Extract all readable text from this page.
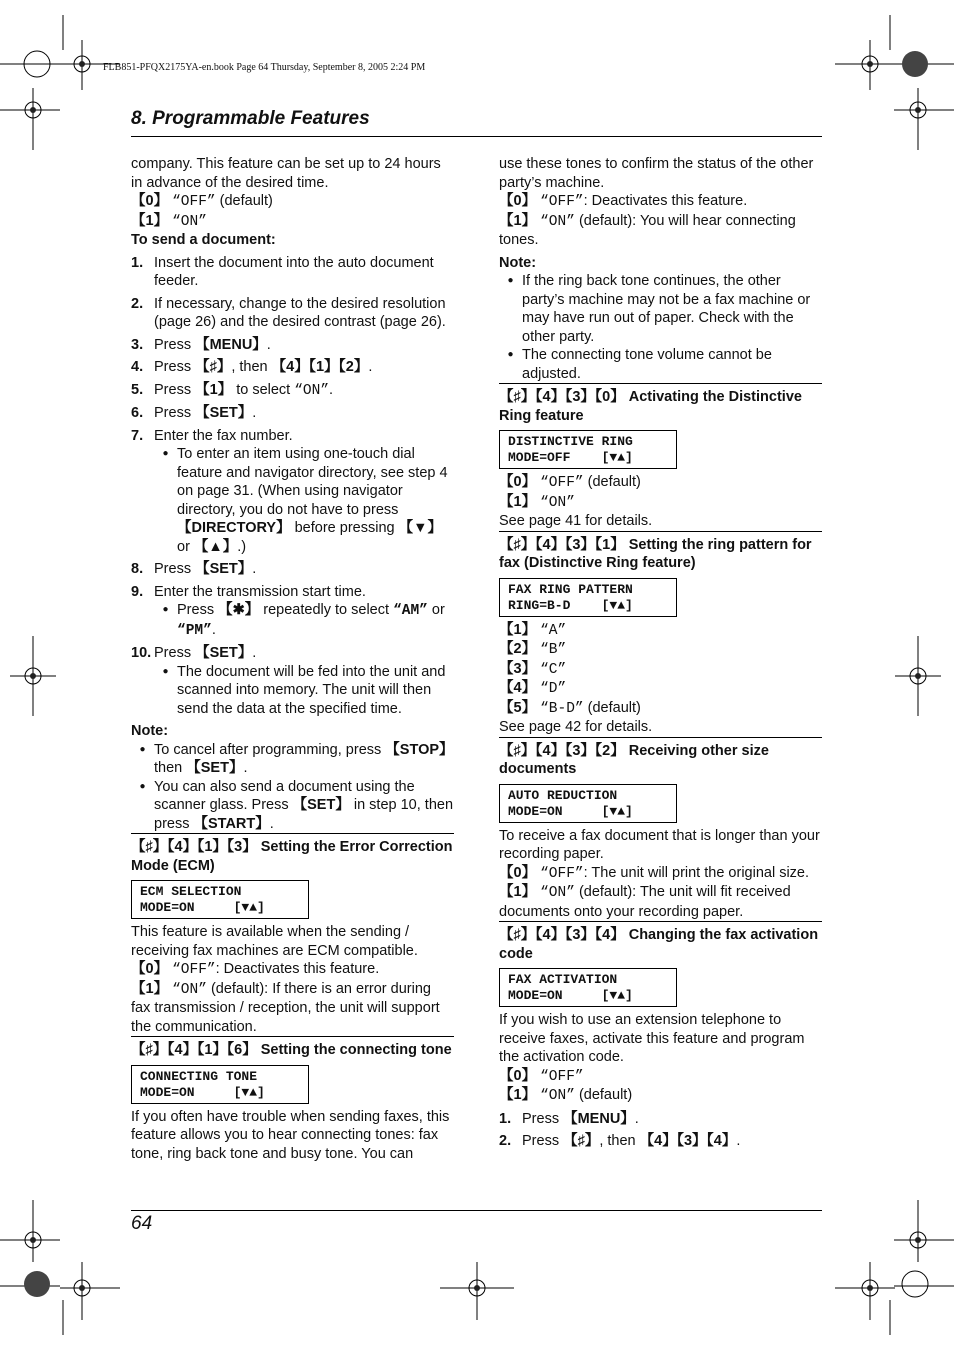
FLB851-PFQX2175YA-en.book Page 64 Thursday, September 8, 2005 2:24 PM
8. Programmable Features

company. This feature can be set up to 24 hours in advance of the desired time.

【0】 “OFF” (default)

【1】 “ON”

To send a document:

1. Insert the document into the auto document feeder.
2. If necessary, change to the desired resolution (page 26) and the desired contrast (page 26).
3. Press 【MENU】.
4. Press 【♯】, then 【4】【1】【2】.
5. Press 【1】 to select “ON”.
6. Press 【SET】.
7. Enter the fax number.
● To enter an item using one-touch dial feature and navigator directory, see step 4 on page 31. (When using navigator directory, you do not have to press 【DIRECTORY】 before pressing 【▼】 or 【▲】.)
8. Press 【SET】.
9. Enter the transmission start time.
● Press 【✱】 repeatedly to select “AM” or “PM”.
10. Press 【SET】.
● The document will be fed into the unit and scanned into memory. The unit will then send the data at the specified time.

Note:

● To cancel after programming, press 【STOP】 then 【SET】.
● You can also send a document using the scanner glass. Press 【SET】 in step 10, then press 【START】.

【♯】【4】【1】【3】 Setting the Error Correction Mode (ECM)

ECM SELECTION
MODE=ON     [▼▲]

This feature is available when the sending / receiving fax machines are ECM compatible.

【0】 “OFF”: Deactivates this feature.

【1】 “ON” (default): If there is an error during fax transmission / reception, the unit will support the communication.

【♯】【4】【1】【6】 Setting the connecting tone

CONNECTING TONE
MODE=ON     [▼▲]

If you often have trouble when sending faxes, this feature allows you to hear connecting tones: fax tone, ring back tone and busy tone. You can

use these tones to confirm the status of the other party’s machine.

【0】 “OFF”: Deactivates this feature.

【1】 “ON” (default): You will hear connecting tones.

Note:

● If the ring back tone continues, the other party’s machine may not be a fax machine or may have run out of paper. Check with the other party.
● The connecting tone volume cannot be adjusted.

【♯】【4】【3】【0】 Activating the Distinctive Ring feature

DISTINCTIVE RING
MODE=OFF    [▼▲]

【0】 “OFF” (default)

【1】 “ON”

See page 41 for details.

【♯】【4】【3】【1】 Setting the ring pattern for fax (Distinctive Ring feature)

FAX RING PATTERN
RING=B-D    [▼▲]

【1】 “A”

【2】 “B”

【3】 “C”

【4】 “D”

【5】 “B-D” (default)

See page 42 for details.

【♯】【4】【3】【2】 Receiving other size documents

AUTO REDUCTION
MODE=ON     [▼▲]

To receive a fax document that is longer than your recording paper.

【0】 “OFF”: The unit will print the original size.

【1】 “ON” (default): The unit will fit received documents onto your recording paper.

【♯】【4】【3】【4】 Changing the fax activation code

FAX ACTIVATION
MODE=ON     [▼▲]

If you wish to use an extension telephone to receive faxes, activate this feature and program the activation code.

【0】 “OFF”

【1】 “ON” (default)

1. Press 【MENU】.
2. Press 【♯】, then 【4】【3】【4】.
64
